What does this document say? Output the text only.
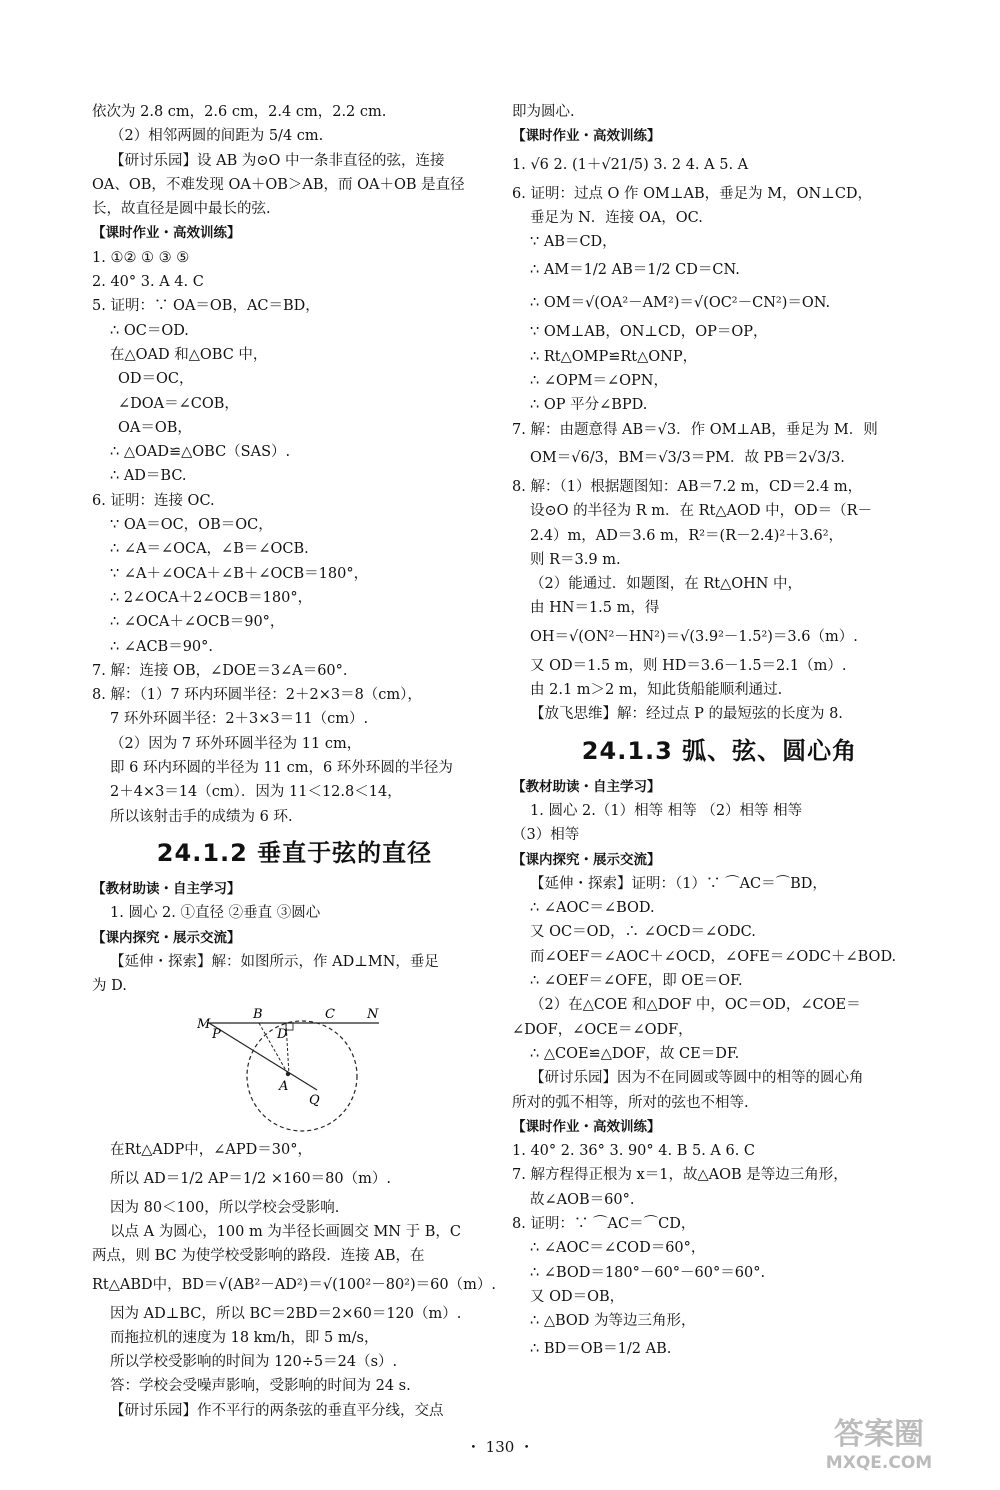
依次为 2.8 cm，2.6 cm，2.4 cm，2.2 cm.
（2）相邻两圆的间距为 5/4 cm.
【研讨乐园】设 AB 为⊙O 中一条非直径的弦，连接
OA、OB，不难发现 OA＋OB＞AB，而 OA＋OB 是直径
长，故直径是圆中最长的弦.
【课时作业・高效训练】
1. ①② ① ③ ⑤
2. 40° 3. A 4. C
5. 证明：∵ OA＝OB，AC＝BD，
∴ OC＝OD.
在△OAD 和△OBC 中，
OD＝OC，
∠DOA＝∠COB，
OA＝OB，
∴ △OAD≌△OBC（SAS）.
∴ AD＝BC.
6. 证明：连接 OC.
∵ OA＝OC，OB＝OC，
∴ ∠A＝∠OCA，∠B＝∠OCB.
∵ ∠A＋∠OCA＋∠B＋∠OCB＝180°，
∴ 2∠OCA＋2∠OCB＝180°，
∴ ∠OCA＋∠OCB＝90°，
∴ ∠ACB＝90°.
7. 解：连接 OB，∠DOE＝3∠A＝60°.
8. 解：（1）7 环内环圆半径：2＋2×3＝8（cm），
7 环外环圆半径：2＋3×3＝11（cm）.
（2）因为 7 环外环圆半径为 11 cm，
即 6 环内环圆的半径为 11 cm，6 环外环圆的半径为
2＋4×3＝14（cm）．因为 11＜12.8＜14，
所以该射击手的成绩为 6 环.
24.1.2 垂直于弦的直径
【教材助读・自主学习】
1. 圆心 2. ①直径 ②垂直 ③圆心
【课内探究・展示交流】
【延伸・探索】解：如图所示，作 AD⊥MN，垂足
为 D.
M
P
B
D
C N
A
Q
在Rt△ADP中，∠APD＝30°，
所以 AD＝1/2 AP＝1/2 ×160＝80（m）.
因为 80＜100，所以学校会受影响.
以点 A 为圆心，100 m 为半径长画圆交 MN 于 B，C
两点，则 BC 为使学校受影响的路段．连接 AB，在
Rt△ABD中，BD＝√(AB²－AD²)＝√(100²－80²)＝60（m）.
因为 AD⊥BC，所以 BC＝2BD＝2×60＝120（m）.
而拖拉机的速度为 18 km/h，即 5 m/s，
所以学校受影响的时间为 120÷5＝24（s）.
答：学校会受噪声影响，受影响的时间为 24 s.
【研讨乐园】作不平行的两条弦的垂直平分线，交点
即为圆心.
【课时作业・高效训练】
1. √6 2. (1＋√21/5) 3. 2 4. A 5. A
6. 证明：过点 O 作 OM⊥AB，垂足为 M，ON⊥CD，
垂足为 N．连接 OA，OC.
∵ AB＝CD，
∴ AM＝1/2 AB＝1/2 CD＝CN.
∴ OM＝√(OA²－AM²)＝√(OC²－CN²)＝ON.
∵ OM⊥AB，ON⊥CD，OP＝OP，
∴ Rt△OMP≌Rt△ONP，
∴ ∠OPM＝∠OPN，
∴ OP 平分∠BPD.
7. 解：由题意得 AB＝√3．作 OM⊥AB，垂足为 M．则
OM＝√6/3，BM＝√3/3＝PM．故 PB＝2√3/3.
8. 解：（1）根据题图知：AB＝7.2 m，CD＝2.4 m，
设⊙O 的半径为 R m．在 Rt△AOD 中，OD＝（R－
2.4）m，AD＝3.6 m，R²＝(R－2.4)²＋3.6²，
则 R＝3.9 m.
（2）能通过．如题图，在 Rt△OHN 中，
由 HN＝1.5 m，得
OH＝√(ON²－HN²)＝√(3.9²－1.5²)＝3.6（m）.
又 OD＝1.5 m，则 HD＝3.6－1.5＝2.1（m）.
由 2.1 m＞2 m，知此货船能顺利通过.
【放飞思维】解：经过点 P 的最短弦的长度为 8.
24.1.3 弧、弦、圆心角
【教材助读・自主学习】
1. 圆心 2.（1）相等 相等 （2）相等 相等
（3）相等
【课内探究・展示交流】
【延伸・探索】证明：（1）∵ ⌒AC＝⌒BD，
∴ ∠AOC＝∠BOD.
又 OC＝OD，∴ ∠OCD＝∠ODC.
而∠OEF＝∠AOC＋∠OCD，∠OFE＝∠ODC＋∠BOD.
∴ ∠OEF＝∠OFE，即 OE＝OF.
（2）在△COE 和△DOF 中，OC＝OD，∠COE＝
∠DOF，∠OCE＝∠ODF，
∴ △COE≌△DOF，故 CE＝DF.
【研讨乐园】因为不在同圆或等圆中的相等的圆心角
所对的弧不相等，所对的弦也不相等.
【课时作业・高效训练】
1. 40° 2. 36° 3. 90° 4. B 5. A 6. C
7. 解方程得正根为 x＝1，故△AOB 是等边三角形，
故∠AOB＝60°.
8. 证明：∵ ⌒AC＝⌒CD，
∴ ∠AOC＝∠COD＝60°，
∴ ∠BOD＝180°－60°－60°＝60°.
又 OD＝OB，
∴ △BOD 为等边三角形，
∴ BD＝OB＝1/2 AB.
・ 130 ・	答案圈
MXQE.COM
